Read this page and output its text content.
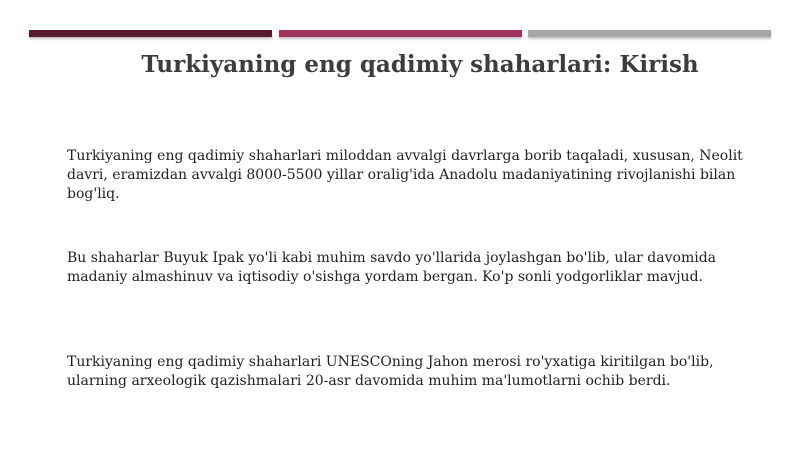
Turkiyaning eng qadimiy shaharlari: Kirish

Turkiyaning eng qadimiy shaharlari miloddan avvalgi davrlarga borib taqaladi, xususan, Neolit davri, eramizdan avvalgi 8000-5500 yillar oralig'ida Anadolu madaniyatining rivojlanishi bilan bog'liq.

Bu shaharlar Buyuk Ipak yo'li kabi muhim savdo yo'llarida joylashgan bo'lib, ular davomida madaniy almashinuv va iqtisodiy o'sishga yordam bergan. Ko'p sonli yodgorliklar mavjud.

Turkiyaning eng qadimiy shaharlari UNESCOning Jahon merosi ro'yxatiga kiritilgan bo'lib, ularning arxeologik qazishmalari 20-asr davomida muhim ma'lumotlarni ochib berdi.
